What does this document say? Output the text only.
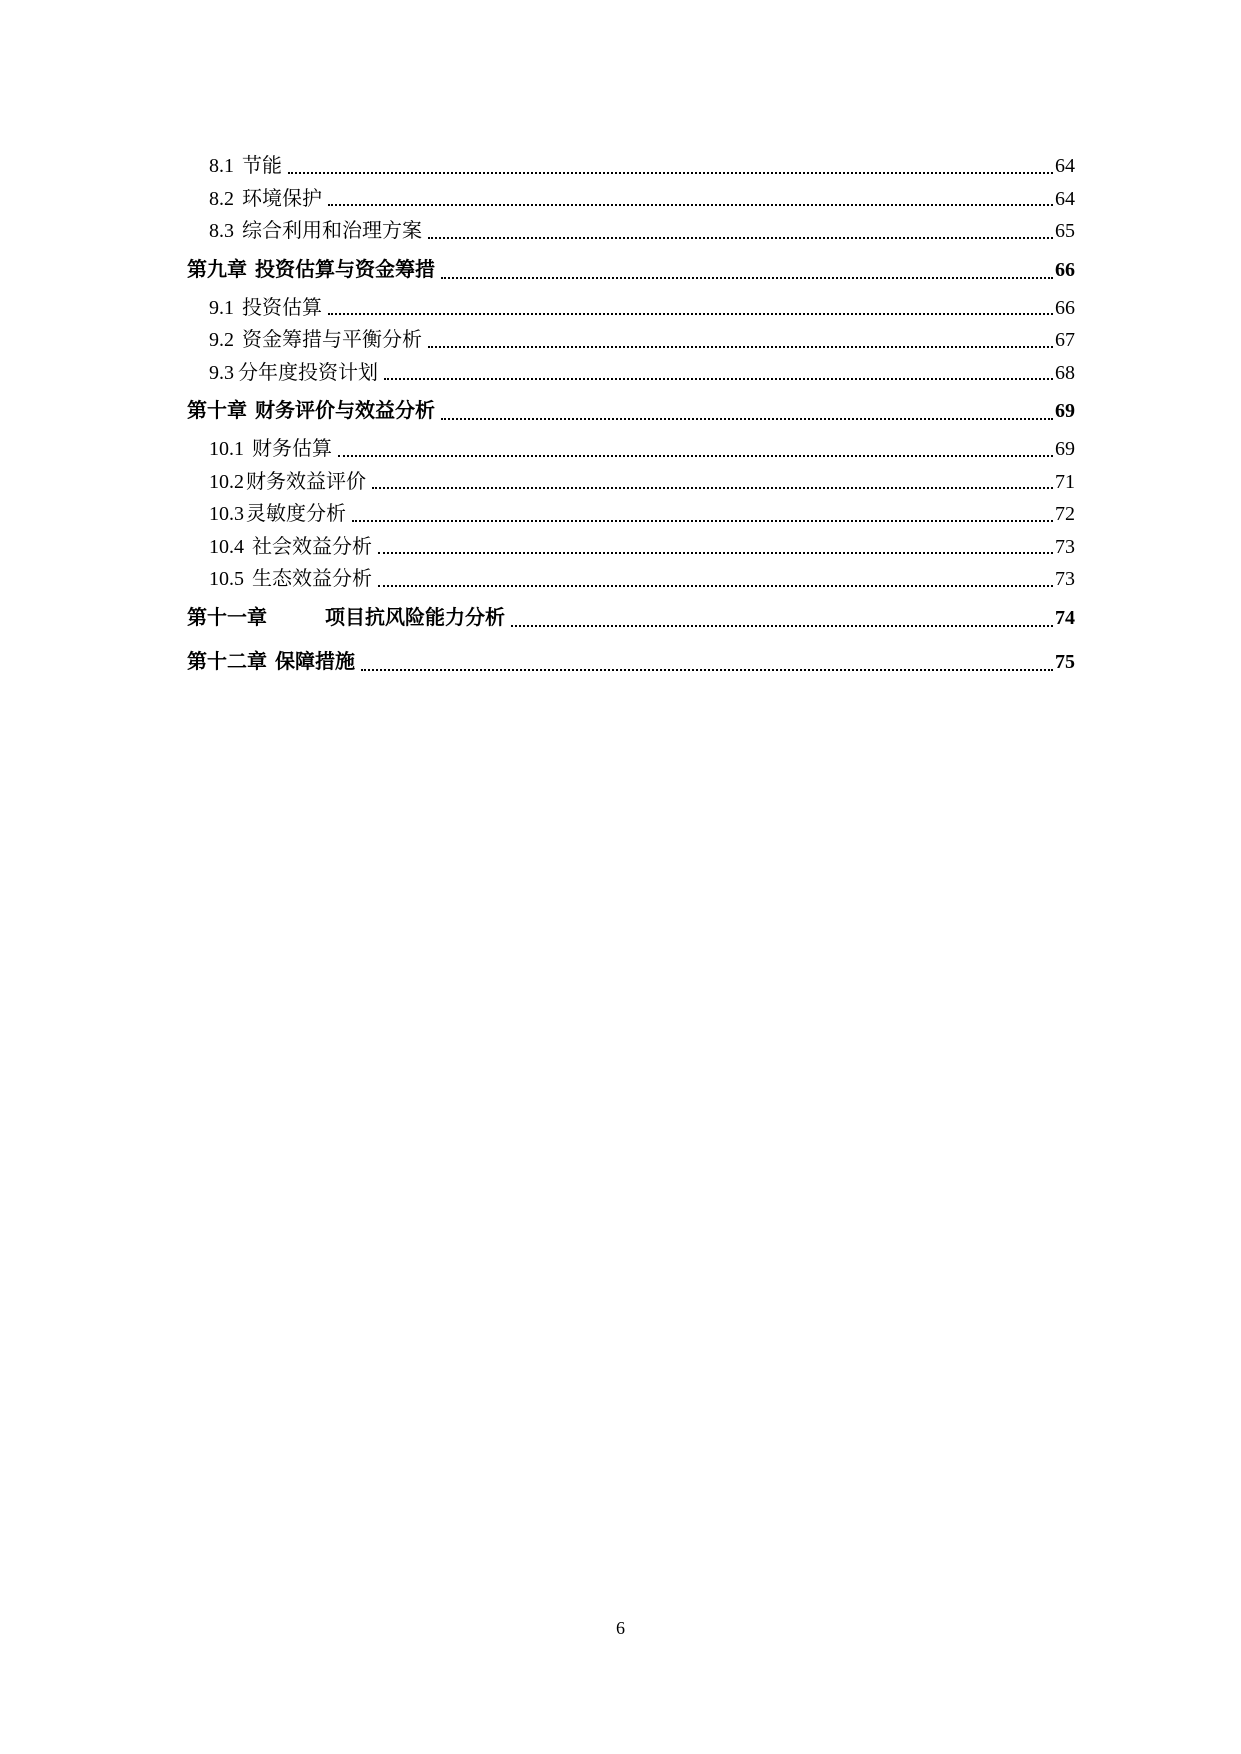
8.1 节能	64
8.2 环境保护	64
8.3 综合利用和治理方案	65
第九章 投资估算与资金筹措	66
9.1 投资估算	66
9.2 资金筹措与平衡分析	67
9.3 分年度投资计划	68
第十章 财务评价与效益分析	69
10.1 财务估算	69
10.2 财务效益评价	71
10.3 灵敏度分析	72
10.4 社会效益分析	73
10.5 生态效益分析	73
第十一章	项目抗风险能力分析	74
第十二章 保障措施	75
6
